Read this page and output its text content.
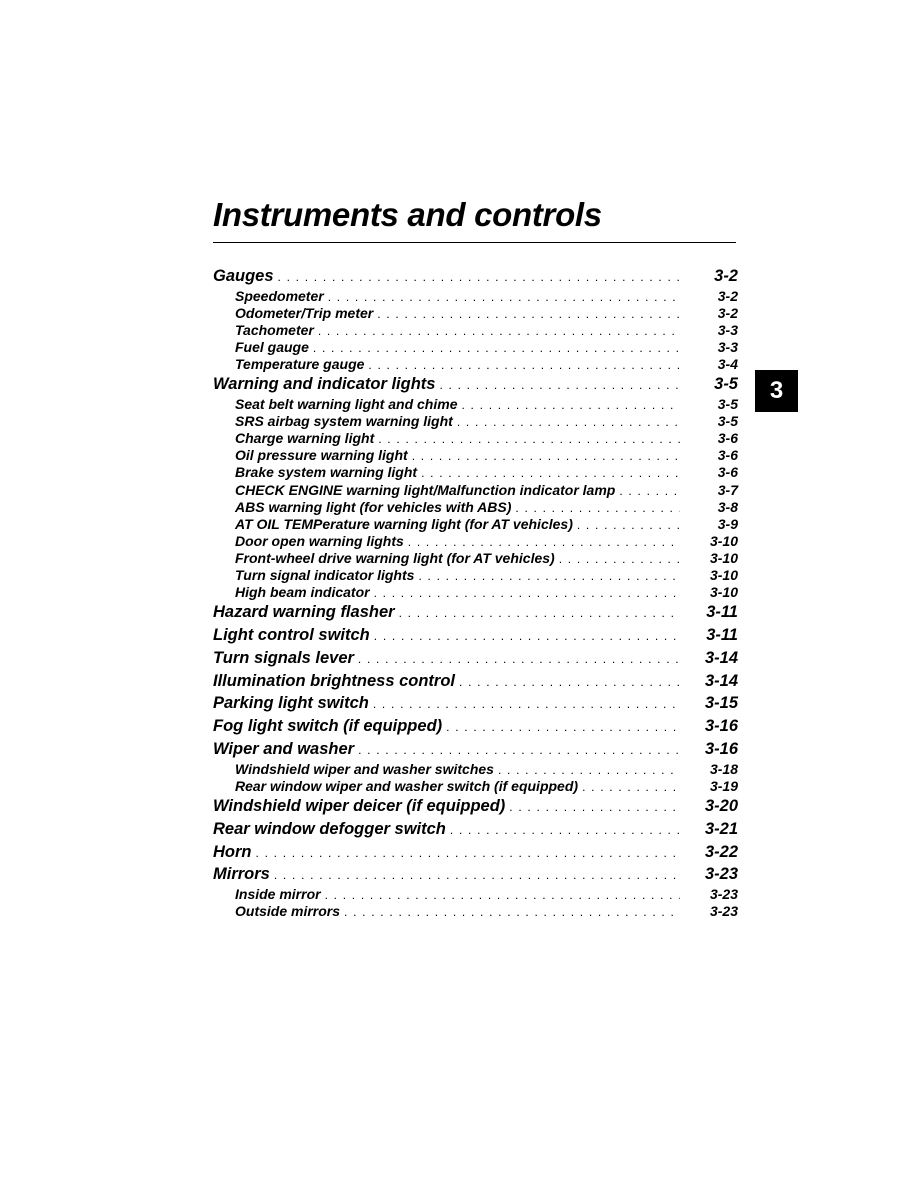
Instruments and controls
Gauges . . .	3-2
Speedometer . . .	3-2
Odometer/Trip meter . . .	3-2
Tachometer . . .	3-3
Fuel gauge . . .	3-3
Temperature gauge . . .	3-4
Warning and indicator lights . . .	3-5
Seat belt warning light and chime . . .	3-5
SRS airbag system warning light . . .	3-5
Charge warning light . . .	3-6
Oil pressure warning light . . .	3-6
Brake system warning light . . .	3-6
CHECK ENGINE warning light/Malfunction indicator lamp . . .	3-7
ABS warning light (for vehicles with ABS) . . .	3-8
AT OIL TEMPerature warning light (for AT vehicles) . . .	3-9
Door open warning lights . . .	3-10
Front-wheel drive warning light (for AT vehicles) . . .	3-10
Turn signal indicator lights . . .	3-10
High beam indicator . . .	3-10
Hazard warning flasher . . .	3-11
Light control switch . . .	3-11
Turn signals lever . . .	3-14
Illumination brightness control . . .	3-14
Parking light switch . . .	3-15
Fog light switch (if equipped) . . .	3-16
Wiper and washer . . .	3-16
Windshield wiper and washer switches . . .	3-18
Rear window wiper and washer switch (if equipped) . . .	3-19
Windshield wiper deicer (if equipped) . . .	3-20
Rear window defogger switch . . .	3-21
Horn . . .	3-22
Mirrors . . .	3-23
Inside mirror . . .	3-23
Outside mirrors . . .	3-23
3
